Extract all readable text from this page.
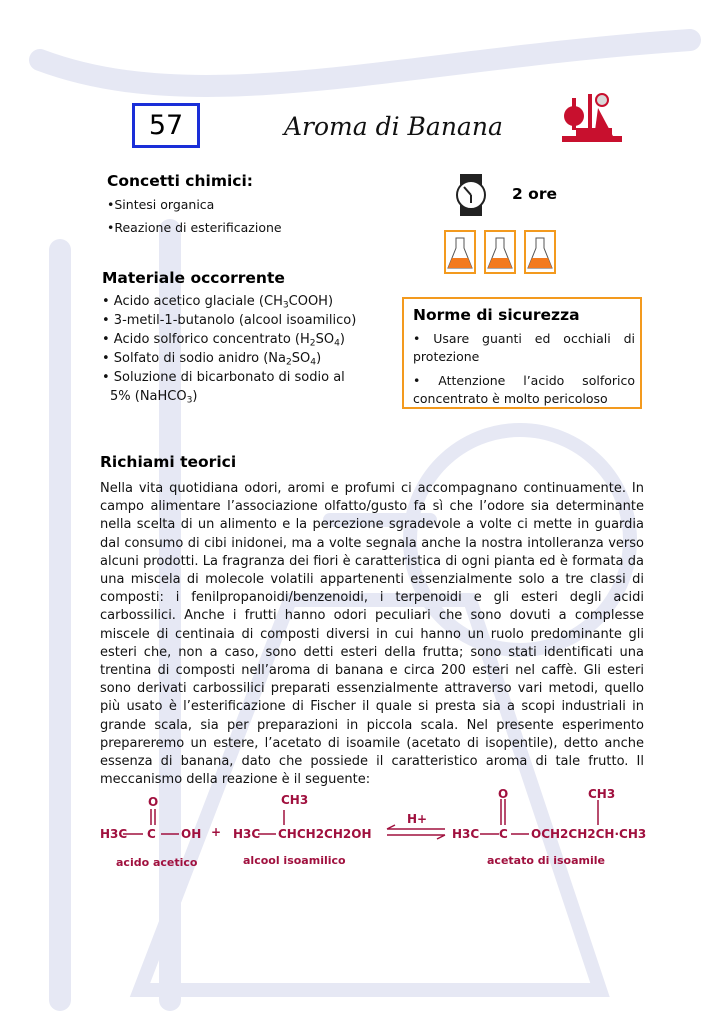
57	Aroma di Banana
Concetti chimici:
•Sintesi organica
•Reazione di esterificazione
2 ore
Materiale occorrente
• Acido acetico glaciale $(CH_3COOH)$
• 3-metil-1-butanolo (alcool isoamilico)
• Acido solforico concentrato $(H_2SO_4)$
• Solfato di sodio anidro $(Na_2SO_4)$
• Soluzione di bicarbonato di sodio al
5% (NaHCO$_3$)
Norme di sicurezza
• Usare guanti ed occhiali di protezione
• Attenzione l’acido solforico concentrato è molto pericoloso
Richiami teorici
Nella vita quotidiana odori, aromi e profumi ci accompagnano continuamente. In campo alimentare l’associazione olfatto/gusto fa sì che l’odore sia determinante nella scelta di un alimento e la percezione sgradevole a volte ci mette in guardia dal consumo di cibi inidonei, ma a volte segnala anche la nostra intolleranza verso alcuni prodotti. La fragranza dei fiori è caratteristica di ogni pianta ed è formata da una miscela di molecole volatili appartenenti essenzialmente solo a tre classi di composti: i fenilpropanoidi/benzenoidi, i terpenoidi e gli esteri degli acidi carbossilici. Anche i frutti hanno odori peculiari che sono dovuti a complesse miscele di centinaia di composti diversi in cui hanno un ruolo predominante gli esteri che, non a caso, sono detti esteri della frutta; sono stati identificati una trentina di composti nell’aroma di banana e circa 200 esteri nel caffè. Gli esteri sono derivati carbossilici preparati essenzialmente attraverso vari metodi, quello più usato è l’esterificazione di Fischer il quale si presta sia a scopi industriali in grande scala, sia per preparazioni in piccola scala. Nel presente esperimento prepareremo un estere, l’acetato di isoamile (acetato di isopentile), detto anche essenza di banana, dato che possiede il caratteristico aroma di tale frutto. Il meccanismo della reazione è il seguente:
O
H3C C OH +
CH3
H3C CHCH2CH2OH
H+
O	CH3
H3C C OCH2CH2CH·CH3
acido acetico	alcool isoamilico	acetato di isoamile
